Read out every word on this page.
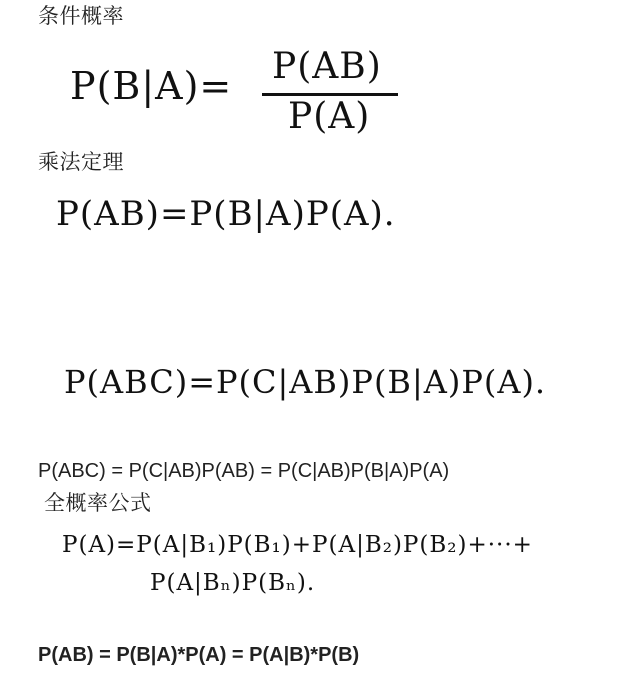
条件概率
P(B|A)= P(AB)
P(A)
乘法定理
P(AB)=P(B|A)P(A).
P(ABC)=P(C|AB)P(B|A)P(A).
P(ABC) = P(C|AB)P(AB) = P(C|AB)P(B|A)P(A)
全概率公式
P(A)=P(A|B₁)P(B₁)+P(A|B₂)P(B₂)+···+
P(A|Bₙ)P(Bₙ).
P(AB) = P(B|A)*P(A) = P(A|B)*P(B)
